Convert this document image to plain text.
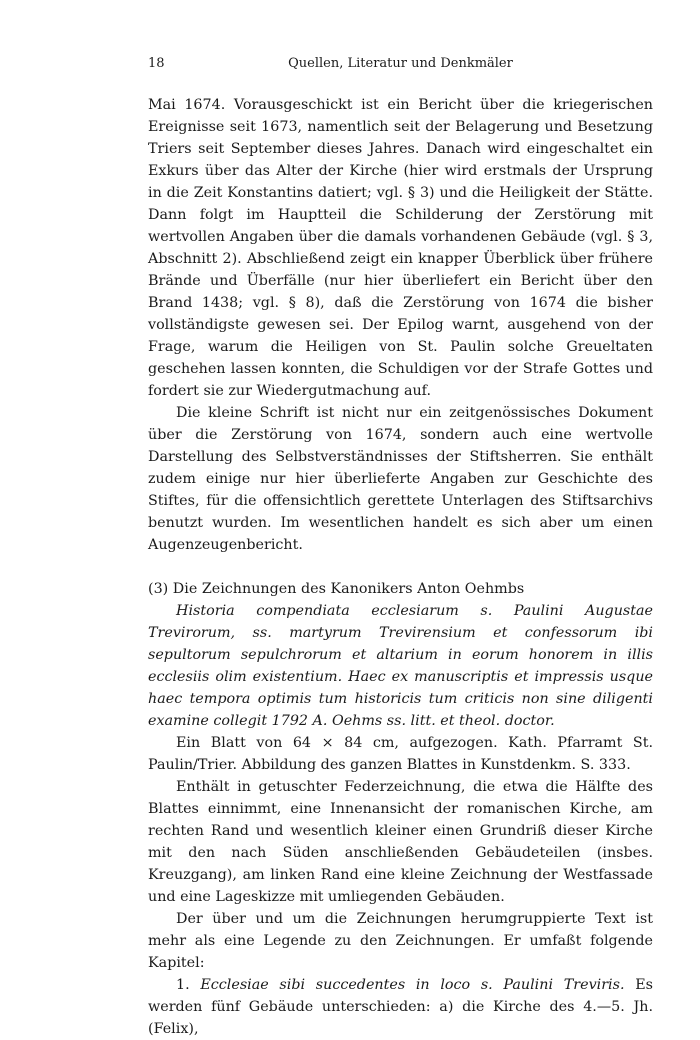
18	Quellen, Literatur und Denkmäler

Mai 1674. Vorausgeschickt ist ein Bericht über die kriegerischen Ereignisse seit 1673, namentlich seit der Belagerung und Besetzung Triers seit September dieses Jahres. Danach wird eingeschaltet ein Exkurs über das Alter der Kirche (hier wird erstmals der Ursprung in die Zeit Konstantins datiert; vgl. § 3) und die Heiligkeit der Stätte. Dann folgt im Hauptteil die Schilderung der Zerstörung mit wertvollen Angaben über die damals vorhandenen Gebäude (vgl. § 3, Abschnitt 2). Abschließend zeigt ein knapper Überblick über frühere Brände und Überfälle (nur hier überliefert ein Bericht über den Brand 1438; vgl. § 8), daß die Zerstörung von 1674 die bisher vollständigste gewesen sei. Der Epilog warnt, ausgehend von der Frage, warum die Heiligen von St. Paulin solche Greueltaten geschehen lassen konnten, die Schuldigen vor der Strafe Gottes und fordert sie zur Wiedergutmachung auf.

Die kleine Schrift ist nicht nur ein zeitgenössisches Dokument über die Zerstörung von 1674, sondern auch eine wertvolle Darstellung des Selbstverständnisses der Stiftsherren. Sie enthält zudem einige nur hier überlieferte Angaben zur Geschichte des Stiftes, für die offensichtlich gerettete Unterlagen des Stiftsarchivs benutzt wurden. Im wesentlichen handelt es sich aber um einen Augenzeugenbericht.

(3) Die Zeichnungen des Kanonikers Anton Oehmbs

Historia compendiata ecclesiarum s. Paulini Augustae Trevirorum, ss. martyrum Trevirensium et confessorum ibi sepultorum sepulchrorum et altarium in eorum honorem in illis ecclesiis olim existentium. Haec ex manuscriptis et impressis usque haec tempora optimis tum historicis tum criticis non sine diligenti examine collegit 1792 A. Oehms ss. litt. et theol. doctor.

Ein Blatt von 64 × 84 cm, aufgezogen. Kath. Pfarramt St. Paulin/Trier. Abbildung des ganzen Blattes in Kunstdenkm. S. 333.

Enthält in getuschter Federzeichnung, die etwa die Hälfte des Blattes einnimmt, eine Innenansicht der romanischen Kirche, am rechten Rand und wesentlich kleiner einen Grundriß dieser Kirche mit den nach Süden anschließenden Gebäudeteilen (insbes. Kreuzgang), am linken Rand eine kleine Zeichnung der Westfassade und eine Lageskizze mit umliegenden Gebäuden.

Der über und um die Zeichnungen herumgruppierte Text ist mehr als eine Legende zu den Zeichnungen. Er umfaßt folgende Kapitel:

1. Ecclesiae sibi succedentes in loco s. Paulini Treviris. Es werden fünf Gebäude unterschieden: a) die Kirche des 4.—5. Jh. (Felix),
